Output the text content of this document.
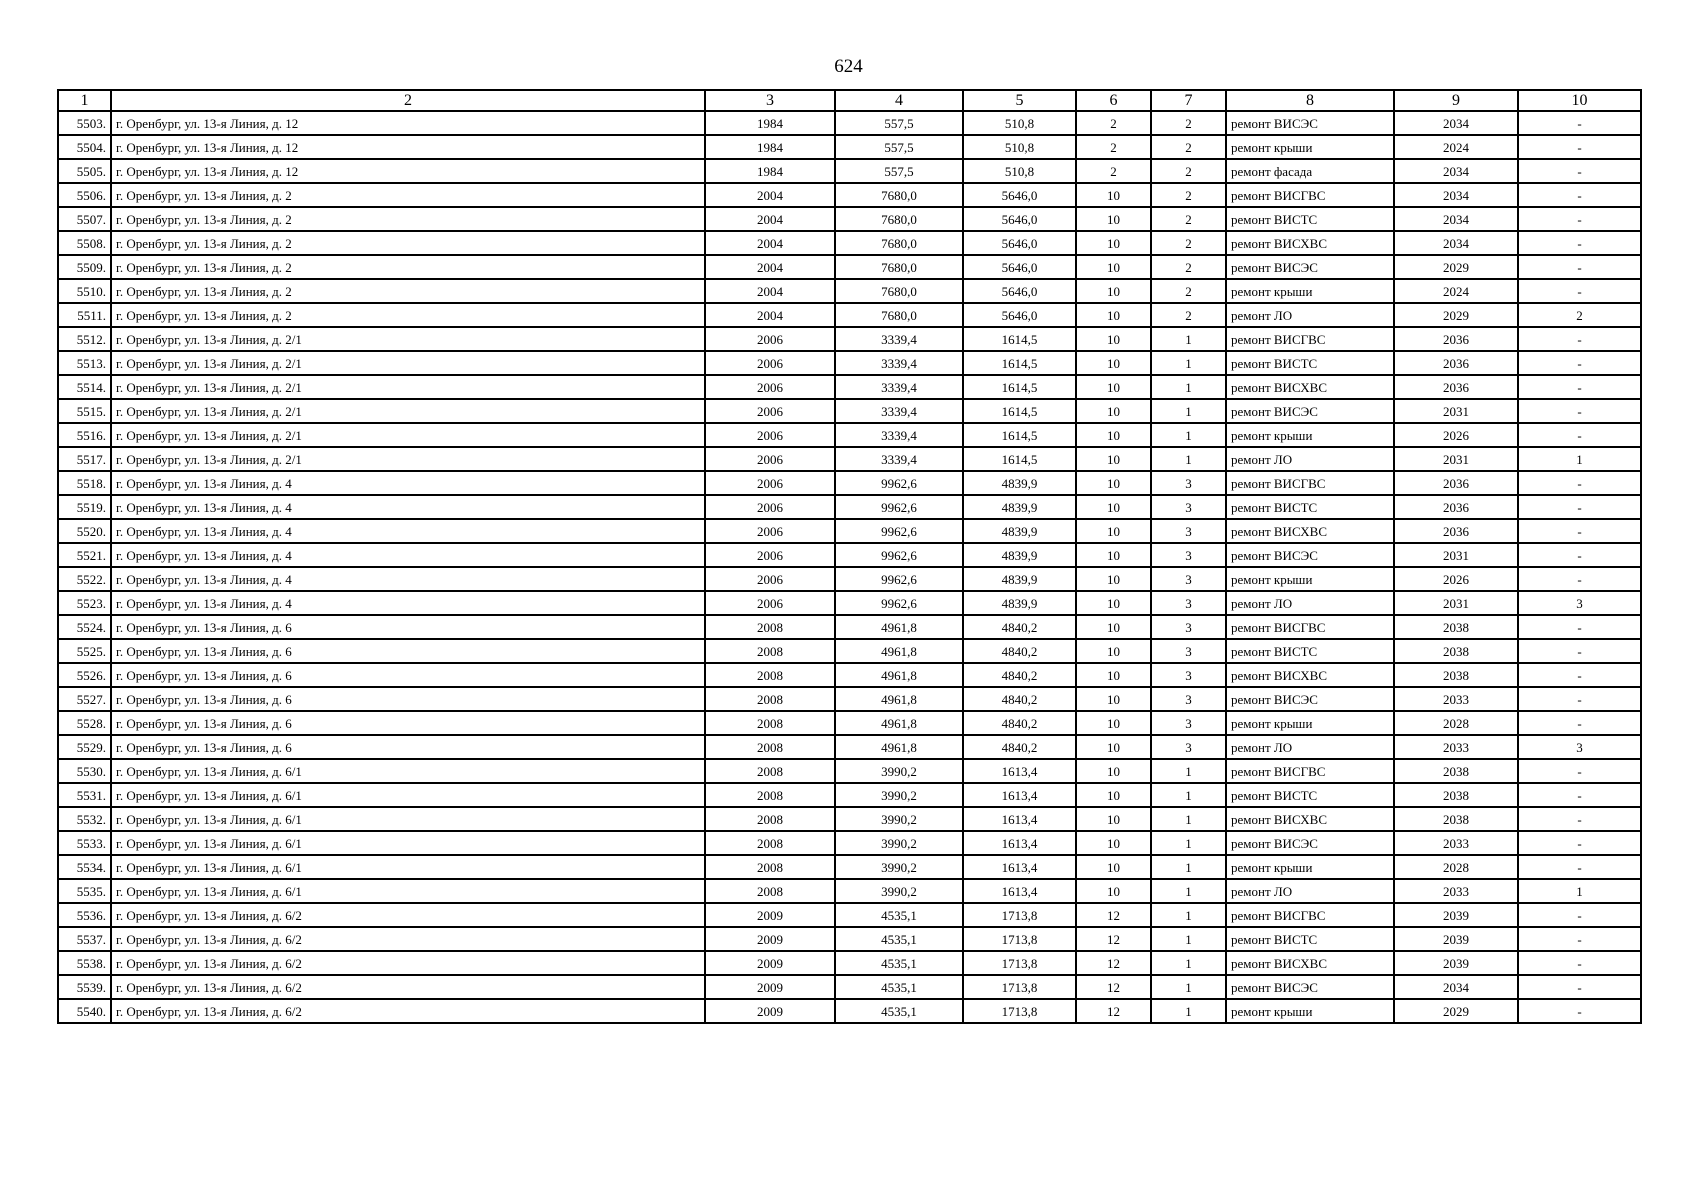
624
1	2	3	4	5	6	7	8	9	10
5503.	г. Оренбург, ул. 13-я Линия, д. 12	1984	557,5	510,8	2	2	ремонт ВИСЭС	2034	-
5504.	г. Оренбург, ул. 13-я Линия, д. 12	1984	557,5	510,8	2	2	ремонт крыши	2024	-
5505.	г. Оренбург, ул. 13-я Линия, д. 12	1984	557,5	510,8	2	2	ремонт фасада	2034	-
5506.	г. Оренбург, ул. 13-я Линия, д. 2	2004	7680,0	5646,0	10	2	ремонт ВИСГВС	2034	-
5507.	г. Оренбург, ул. 13-я Линия, д. 2	2004	7680,0	5646,0	10	2	ремонт ВИСТС	2034	-
5508.	г. Оренбург, ул. 13-я Линия, д. 2	2004	7680,0	5646,0	10	2	ремонт ВИСХВС	2034	-
5509.	г. Оренбург, ул. 13-я Линия, д. 2	2004	7680,0	5646,0	10	2	ремонт ВИСЭС	2029	-
5510.	г. Оренбург, ул. 13-я Линия, д. 2	2004	7680,0	5646,0	10	2	ремонт крыши	2024	-
5511.	г. Оренбург, ул. 13-я Линия, д. 2	2004	7680,0	5646,0	10	2	ремонт ЛО	2029	2
5512.	г. Оренбург, ул. 13-я Линия, д. 2/1	2006	3339,4	1614,5	10	1	ремонт ВИСГВС	2036	-
5513.	г. Оренбург, ул. 13-я Линия, д. 2/1	2006	3339,4	1614,5	10	1	ремонт ВИСТС	2036	-
5514.	г. Оренбург, ул. 13-я Линия, д. 2/1	2006	3339,4	1614,5	10	1	ремонт ВИСХВС	2036	-
5515.	г. Оренбург, ул. 13-я Линия, д. 2/1	2006	3339,4	1614,5	10	1	ремонт ВИСЭС	2031	-
5516.	г. Оренбург, ул. 13-я Линия, д. 2/1	2006	3339,4	1614,5	10	1	ремонт крыши	2026	-
5517.	г. Оренбург, ул. 13-я Линия, д. 2/1	2006	3339,4	1614,5	10	1	ремонт ЛО	2031	1
5518.	г. Оренбург, ул. 13-я Линия, д. 4	2006	9962,6	4839,9	10	3	ремонт ВИСГВС	2036	-
5519.	г. Оренбург, ул. 13-я Линия, д. 4	2006	9962,6	4839,9	10	3	ремонт ВИСТС	2036	-
5520.	г. Оренбург, ул. 13-я Линия, д. 4	2006	9962,6	4839,9	10	3	ремонт ВИСХВС	2036	-
5521.	г. Оренбург, ул. 13-я Линия, д. 4	2006	9962,6	4839,9	10	3	ремонт ВИСЭС	2031	-
5522.	г. Оренбург, ул. 13-я Линия, д. 4	2006	9962,6	4839,9	10	3	ремонт крыши	2026	-
5523.	г. Оренбург, ул. 13-я Линия, д. 4	2006	9962,6	4839,9	10	3	ремонт ЛО	2031	3
5524.	г. Оренбург, ул. 13-я Линия, д. 6	2008	4961,8	4840,2	10	3	ремонт ВИСГВС	2038	-
5525.	г. Оренбург, ул. 13-я Линия, д. 6	2008	4961,8	4840,2	10	3	ремонт ВИСТС	2038	-
5526.	г. Оренбург, ул. 13-я Линия, д. 6	2008	4961,8	4840,2	10	3	ремонт ВИСХВС	2038	-
5527.	г. Оренбург, ул. 13-я Линия, д. 6	2008	4961,8	4840,2	10	3	ремонт ВИСЭС	2033	-
5528.	г. Оренбург, ул. 13-я Линия, д. 6	2008	4961,8	4840,2	10	3	ремонт крыши	2028	-
5529.	г. Оренбург, ул. 13-я Линия, д. 6	2008	4961,8	4840,2	10	3	ремонт ЛО	2033	3
5530.	г. Оренбург, ул. 13-я Линия, д. 6/1	2008	3990,2	1613,4	10	1	ремонт ВИСГВС	2038	-
5531.	г. Оренбург, ул. 13-я Линия, д. 6/1	2008	3990,2	1613,4	10	1	ремонт ВИСТС	2038	-
5532.	г. Оренбург, ул. 13-я Линия, д. 6/1	2008	3990,2	1613,4	10	1	ремонт ВИСХВС	2038	-
5533.	г. Оренбург, ул. 13-я Линия, д. 6/1	2008	3990,2	1613,4	10	1	ремонт ВИСЭС	2033	-
5534.	г. Оренбург, ул. 13-я Линия, д. 6/1	2008	3990,2	1613,4	10	1	ремонт крыши	2028	-
5535.	г. Оренбург, ул. 13-я Линия, д. 6/1	2008	3990,2	1613,4	10	1	ремонт ЛО	2033	1
5536.	г. Оренбург, ул. 13-я Линия, д. 6/2	2009	4535,1	1713,8	12	1	ремонт ВИСГВС	2039	-
5537.	г. Оренбург, ул. 13-я Линия, д. 6/2	2009	4535,1	1713,8	12	1	ремонт ВИСТС	2039	-
5538.	г. Оренбург, ул. 13-я Линия, д. 6/2	2009	4535,1	1713,8	12	1	ремонт ВИСХВС	2039	-
5539.	г. Оренбург, ул. 13-я Линия, д. 6/2	2009	4535,1	1713,8	12	1	ремонт ВИСЭС	2034	-
5540.	г. Оренбург, ул. 13-я Линия, д. 6/2	2009	4535,1	1713,8	12	1	ремонт крыши	2029	-
